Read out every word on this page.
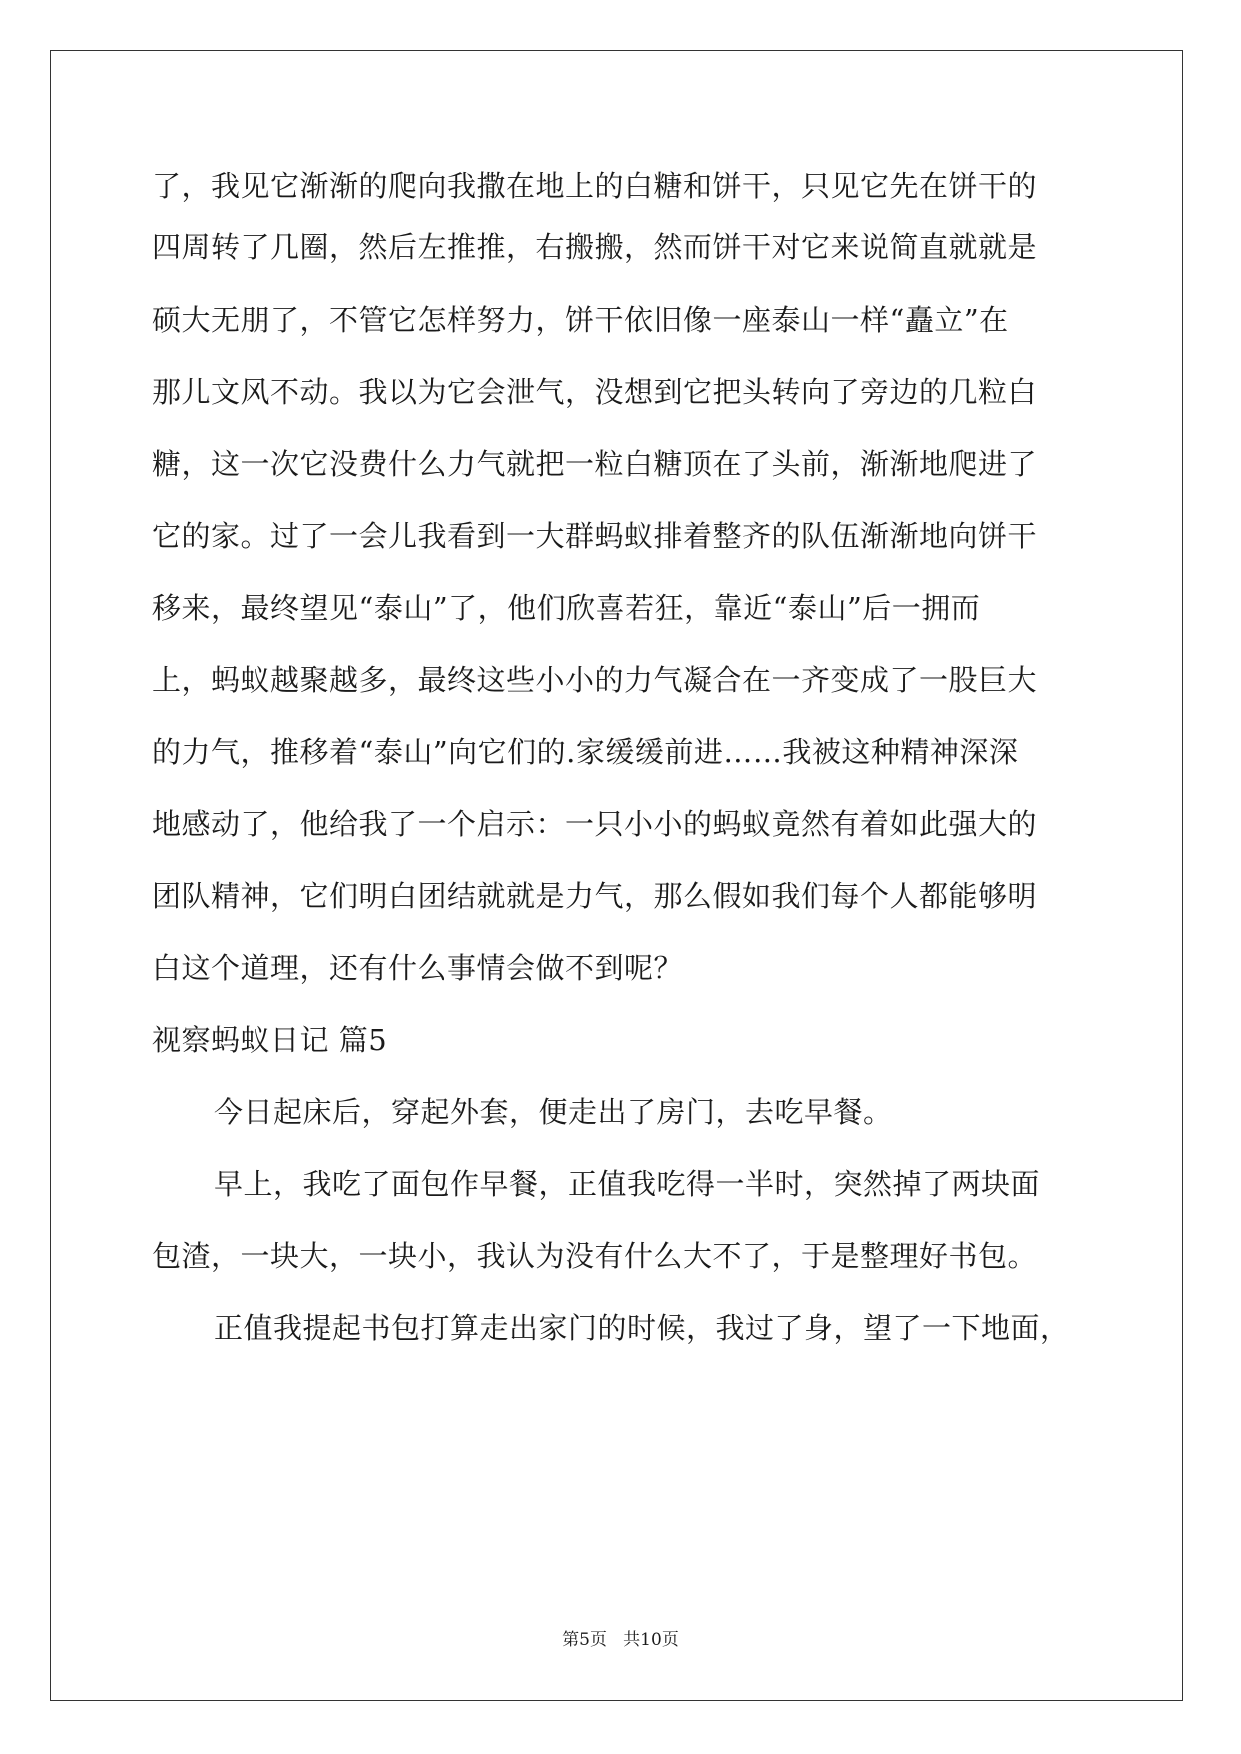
了，我见它渐渐的爬向我撒在地上的白糖和饼干，只见它先在饼干的
四周转了几圈，然后左推推，右搬搬，然而饼干对它来说简直就就是
硕大无朋了，不管它怎样努力，饼干依旧像一座泰山一样“矗立”在
那儿文风不动。我以为它会泄气，没想到它把头转向了旁边的几粒白
糖，这一次它没费什么力气就把一粒白糖顶在了头前，渐渐地爬进了
它的家。过了一会儿我看到一大群蚂蚁排着整齐的队伍渐渐地向饼干
移来，最终望见“泰山”了，他们欣喜若狂，靠近“泰山”后一拥而
上，蚂蚁越聚越多，最终这些小小的力气凝合在一齐变成了一股巨大
的力气，推移着“泰山”向它们的.家缓缓前进……我被这种精神深深
地感动了，他给我了一个启示：一只小小的蚂蚁竟然有着如此强大的
团队精神，它们明白团结就就是力气，那么假如我们每个人都能够明
白这个道理，还有什么事情会做不到呢？
视察蚂蚁日记 篇5
今日起床后，穿起外套，便走出了房门，去吃早餐。
早上，我吃了面包作早餐，正值我吃得一半时，突然掉了两块面
包渣，一块大，一块小，我认为没有什么大不了，于是整理好书包。
正值我提起书包打算走出家门的时候，我过了身，望了一下地面，
第5页   共10页
